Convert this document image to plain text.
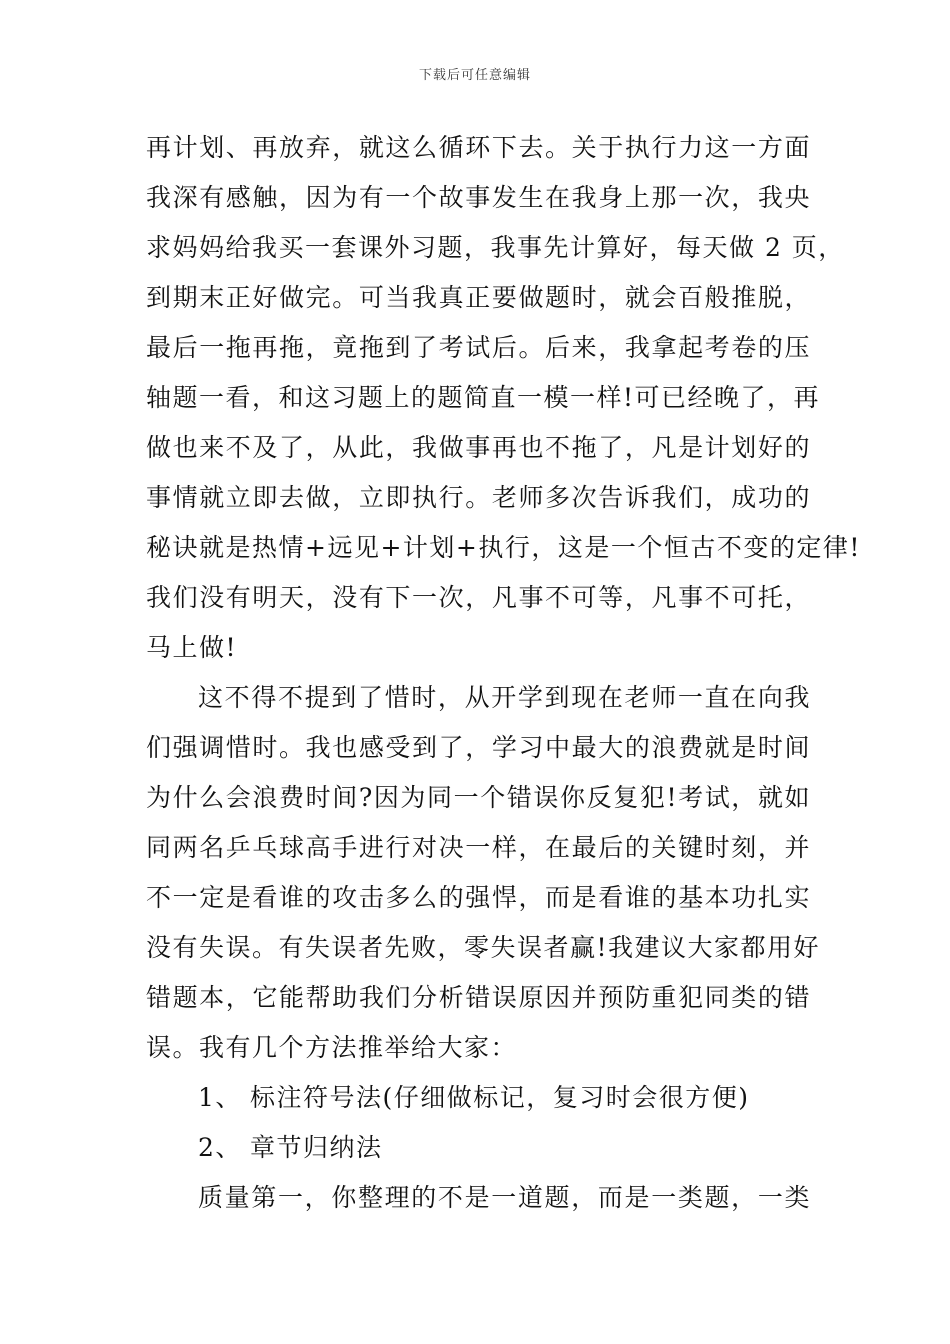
下载后可任意编辑
再计划、再放弃，就这么循环下去。关于执行力这一方面
我深有感触，因为有一个故事发生在我身上那一次，我央
求妈妈给我买一套课外习题，我事先计算好，每天做 2 页，
到期末正好做完。可当我真正要做题时，就会百般推脱，
最后一拖再拖，竟拖到了考试后。后来，我拿起考卷的压
轴题一看，和这习题上的题简直一模一样!可已经晚了，再
做也来不及了，从此，我做事再也不拖了，凡是计划好的
事情就立即去做，立即执行。老师多次告诉我们，成功的
秘诀就是热情+远见+计划+执行，这是一个恒古不变的定律!
我们没有明天，没有下一次，凡事不可等，凡事不可托，
马上做!
这不得不提到了惜时，从开学到现在老师一直在向我
们强调惜时。我也感受到了，学习中最大的浪费就是时间
为什么会浪费时间?因为同一个错误你反复犯!考试，就如
同两名乒乓球高手进行对决一样，在最后的关键时刻，并
不一定是看谁的攻击多么的强悍，而是看谁的基本功扎实
没有失误。有失误者先败，零失误者赢!我建议大家都用好
错题本，它能帮助我们分析错误原因并预防重犯同类的错
误。我有几个方法推举给大家：
1、 标注符号法(仔细做标记，复习时会很方便)
2、 章节归纳法
质量第一，你整理的不是一道题，而是一类题，一类
